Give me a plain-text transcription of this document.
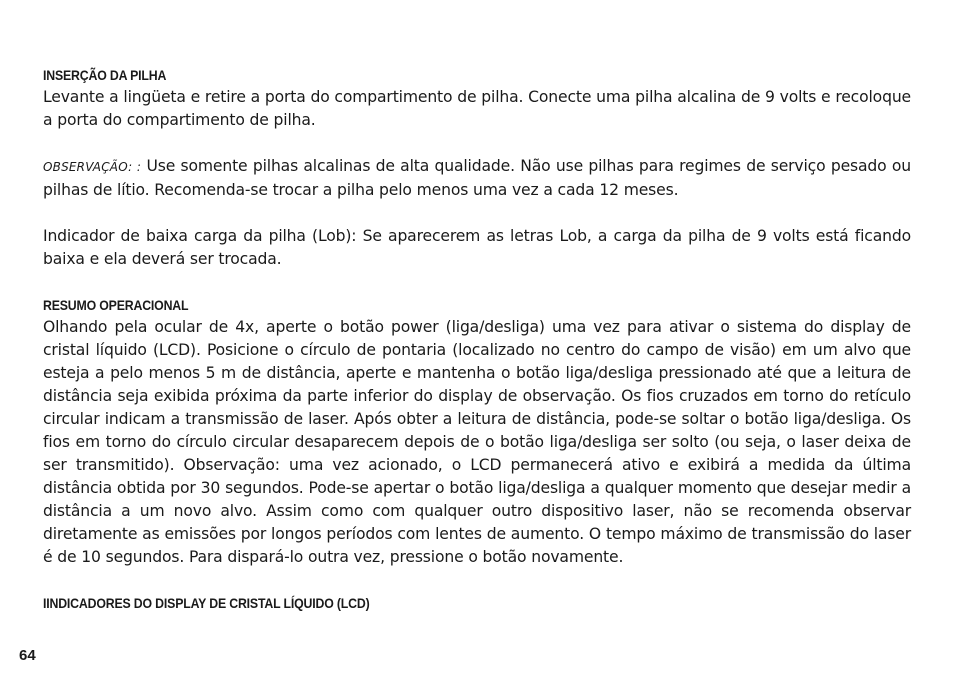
INSERÇÃO DA PILHA

Levante a lingüeta e retire a porta do compartimento de pilha. Conecte uma pilha alcalina de 9 volts e recoloque a porta do compartimento de pilha.

OBSERVAÇÃO: : Use somente pilhas alcalinas de alta qualidade. Não use pilhas para regimes de serviço pesado ou pilhas de lítio. Recomenda-se trocar a pilha pelo menos uma vez a cada 12 meses.

Indicador de baixa carga da pilha (Lob): Se aparecerem as letras Lob, a carga da pilha de 9 volts está ficando baixa e ela deverá ser trocada.

RESUMO OPERACIONAL

Olhando pela ocular de 4x, aperte o botão power (liga/desliga) uma vez para ativar o sistema do display de cristal líquido (LCD). Posicione o círculo de pontaria (localizado no centro do campo de visão) em um alvo que esteja a pelo menos 5 m de distância, aperte e mantenha o botão liga/desliga pressionado até que a leitura de distância seja exibida próxima da parte inferior do display de observação. Os fios cruzados em torno do retículo circular indicam a transmissão de laser. Após obter a leitura de distância, pode-se soltar o botão liga/desliga. Os fios em torno do círculo circular desaparecem depois de o botão liga/desliga ser solto (ou seja, o laser deixa de ser transmitido). Observação: uma vez acionado, o LCD permanecerá ativo e exibirá a medida da última distância obtida por 30 segundos. Pode-se apertar o botão liga/desliga a qualquer momento que desejar medir a distância a um novo alvo. Assim como com qualquer outro dispositivo laser, não se recomenda observar diretamente as emissões por longos períodos com lentes de aumento. O tempo máximo de transmissão do laser é de 10 segundos. Para dispará-lo outra vez, pressione o botão novamente.

IINDICADORES DO DISPLAY DE CRISTAL LÍQUIDO (LCD)
64
